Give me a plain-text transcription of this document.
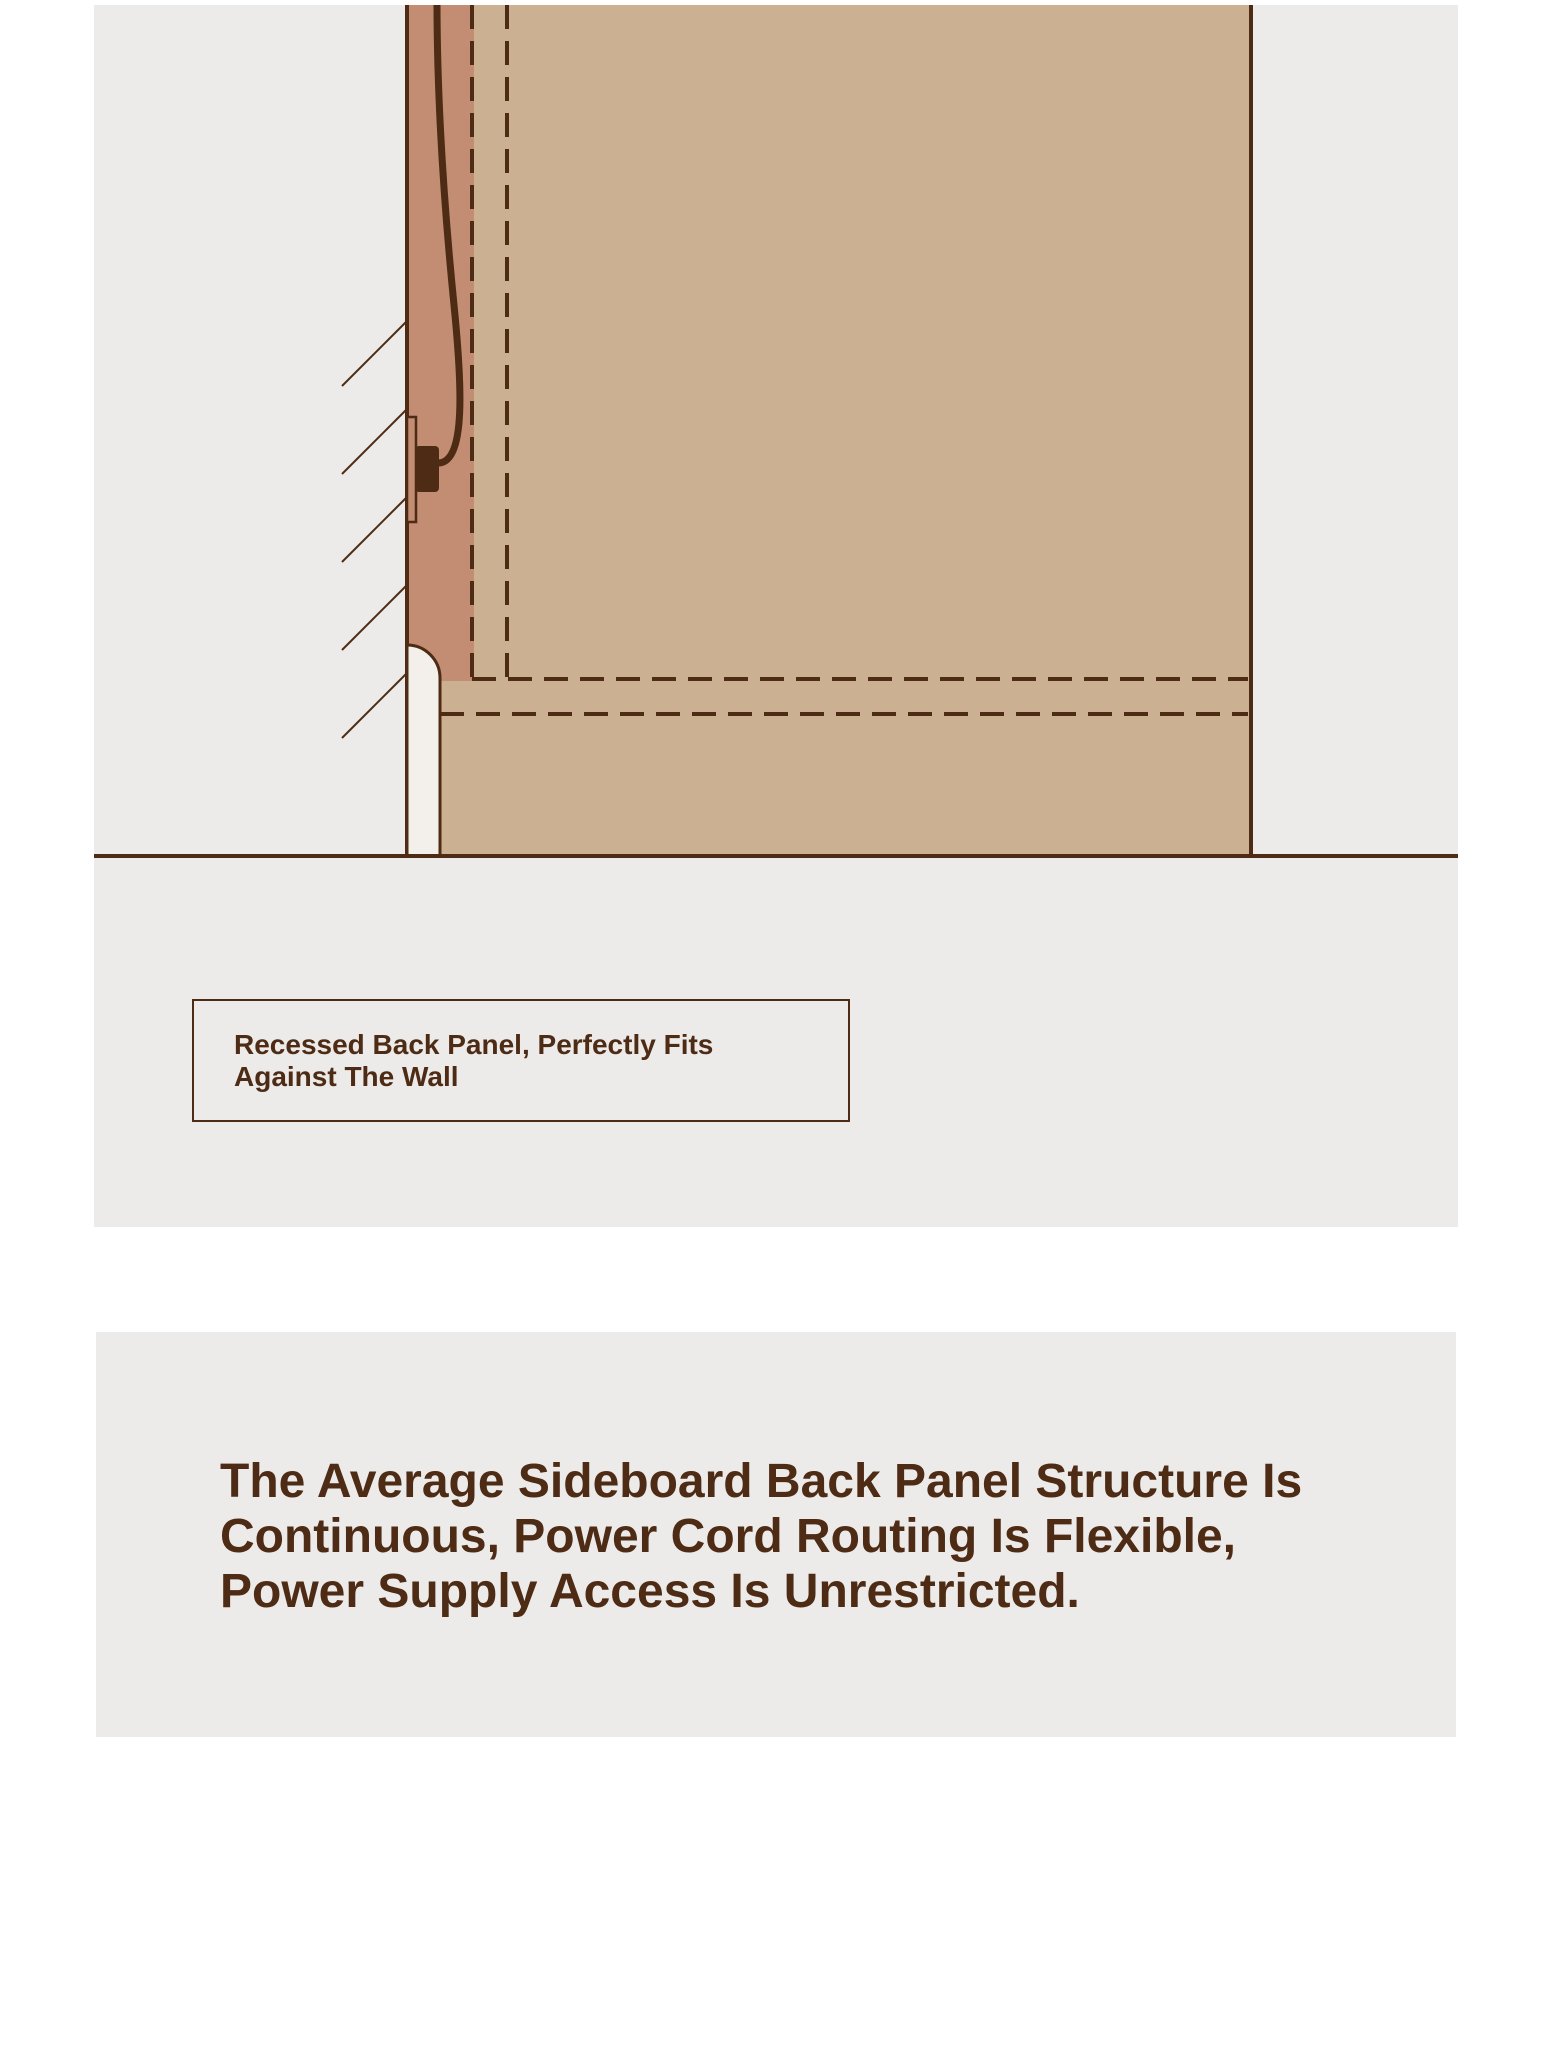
Recessed Back Panel, Perfectly Fits Against The Wall

The Average Sideboard Back Panel Structure Is Continuous, Power Cord Routing Is Flexible, Power Supply Access Is Unrestricted.
